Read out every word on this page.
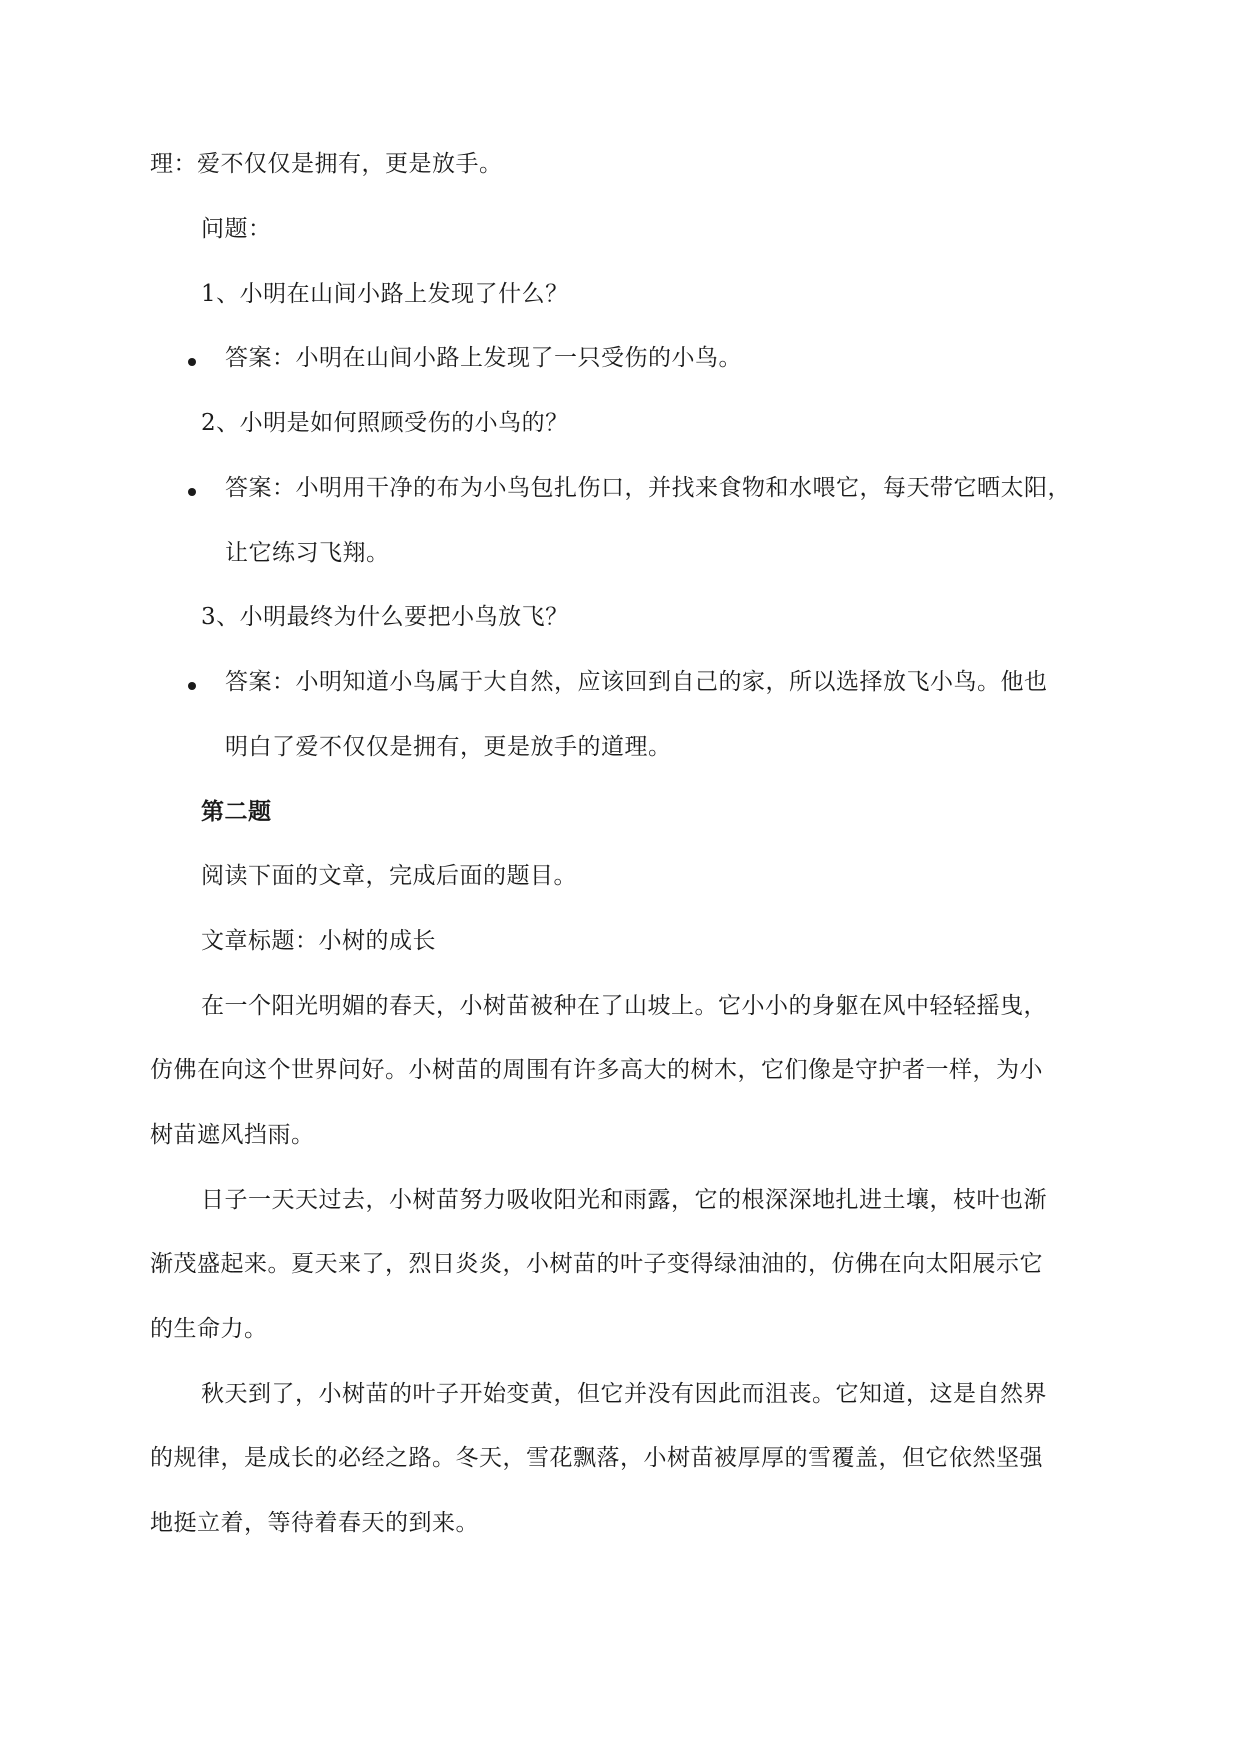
理：爱不仅仅是拥有，更是放手。
问题：
1、小明在山间小路上发现了什么？
答案：小明在山间小路上发现了一只受伤的小鸟。
2、小明是如何照顾受伤的小鸟的？
答案：小明用干净的布为小鸟包扎伤口，并找来食物和水喂它，每天带它晒太阳，
让它练习飞翔。
3、小明最终为什么要把小鸟放飞？
答案：小明知道小鸟属于大自然，应该回到自己的家，所以选择放飞小鸟。他也
明白了爱不仅仅是拥有，更是放手的道理。
第二题
阅读下面的文章，完成后面的题目。
文章标题：小树的成长
在一个阳光明媚的春天，小树苗被种在了山坡上。它小小的身躯在风中轻轻摇曳，
仿佛在向这个世界问好。小树苗的周围有许多高大的树木，它们像是守护者一样，为小
树苗遮风挡雨。
日子一天天过去，小树苗努力吸收阳光和雨露，它的根深深地扎进土壤，枝叶也渐
渐茂盛起来。夏天来了，烈日炎炎，小树苗的叶子变得绿油油的，仿佛在向太阳展示它
的生命力。
秋天到了，小树苗的叶子开始变黄，但它并没有因此而沮丧。它知道，这是自然界
的规律，是成长的必经之路。冬天，雪花飘落，小树苗被厚厚的雪覆盖，但它依然坚强
地挺立着，等待着春天的到来。
